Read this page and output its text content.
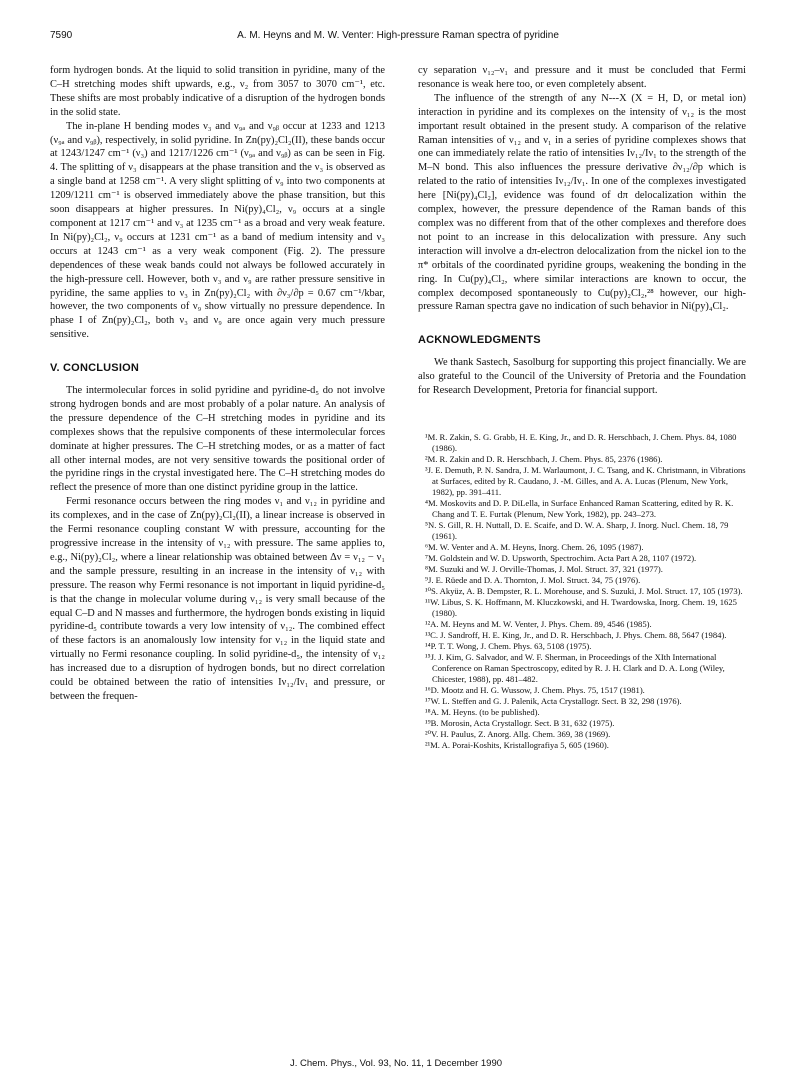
7590	A. M. Heyns and M. W. Venter: High-pressure Raman spectra of pyridine

form hydrogen bonds. At the liquid to solid transition in pyridine, many of the C–H stretching modes shift upwards, e.g., ν₂ from 3057 to 3070 cm⁻¹, etc. These shifts are most probably indicative of a disruption of the hydrogen bonds in the solid state.

The in-plane H bending modes ν₃ and ν₉ₐ and ν₉ᵦ occur at 1233 and 1213 (ν₉ₐ and ν₉ᵦ), respectively, in solid pyridine. In Zn(py)₂Cl₂(II), these bands occur at 1243/1247 cm⁻¹ (ν₃) and 1217/1226 cm⁻¹ (ν₉ₐ and ν₉ᵦ) as can be seen in Fig. 4. The splitting of ν₃ disappears at the phase transition and the ν₃ is observed as a single band at 1258 cm⁻¹. A very slight splitting of ν₉ into two components at 1209/1211 cm⁻¹ is observed immediately above the phase transition, but this soon disappears at higher pressures. In Ni(py)₄Cl₂, ν₉ occurs at a single component at 1217 cm⁻¹ and ν₃ at 1235 cm⁻¹ as a broad and very weak feature. In Ni(py)₂Cl₂, ν₉ occurs at 1231 cm⁻¹ as a band of medium intensity and ν₃ occurs at 1243 cm⁻¹ as a very weak component (Fig. 2). The pressure dependences of these weak bands could not always be followed accurately in the high-pressure cell. However, both ν₃ and ν₉ are rather pressure sensitive in pyridine, the same applies to ν₃ in Zn(py)₂Cl₂ with ∂ν₃/∂p = 0.67 cm⁻¹/kbar, however, the two components of ν₉ show virtually no pressure dependence. In phase I of Zn(py)₂Cl₂, both ν₃ and ν₉ are once again very much pressure sensitive.

V. CONCLUSION

The intermolecular forces in solid pyridine and pyridine-d₅ do not involve strong hydrogen bonds and are most probably of a polar nature. An analysis of the pressure dependence of the C–H stretching modes in pyridine and its complexes shows that the repulsive components of these intermolecular forces dominate at higher pressures. The C–H stretching modes, or as a matter of fact all other internal modes, are not very sensitive towards the positional order of the pyridine rings in the crystal investigated here. The C–H stretching modes do reflect the presence of more than one distinct pyridine group in the lattice.

Fermi resonance occurs between the ring modes ν₁ and ν₁₂ in pyridine and its complexes, and in the case of Zn(py)₂Cl₂(II), a linear increase is observed in the Fermi resonance coupling constant W with pressure, accounting for the progressive increase in the intensity of ν₁₂ with pressure. The same applies to, e.g., Ni(py)₂Cl₂, where a linear relationship was obtained between Δν = ν₁₂ − ν₁ and the sample pressure, resulting in an increase in the intensity of ν₁₂ with pressure. The reason why Fermi resonance is not important in liquid pyridine-d₅ is that the change in molecular volume during ν₁₂ is very small because of the equal C–D and N masses and furthermore, the hydrogen bonds existing in liquid pyridine-d₅ contribute towards a very low intensity of ν₁₂. The combined effect of these factors is an anomalously low intensity for ν₁₂ in the liquid state and virtually no Fermi resonance coupling. In solid pyridine-d₅, the intensity of ν₁₂ has increased due to a disruption of hydrogen bonds, but no direct correlation could be obtained between the ratio of intensities Iν₁₂/Iν₁ and pressure, or between the frequen-

cy separation ν₁₂–ν₁ and pressure and it must be concluded that Fermi resonance is weak here too, or even completely absent.

The influence of the strength of any N---X (X = H, D, or metal ion) interaction in pyridine and its complexes on the intensity of ν₁₂ is the most important result obtained in the present study. A comparison of the relative Raman intensities of ν₁₂ and ν₁ in a series of pyridine complexes shows that one can immediately relate the ratio of intensities Iν₁₂/Iν₁ to the strength of the M–N bond. This also influences the pressure derivative ∂ν₁₂/∂p which is related to the ratio of intensities Iν₁₂/Iν₁. In one of the complexes investigated here [Ni(py)₄Cl₂], evidence was found of dπ delocalization within the complex, however, the pressure dependence of the Raman bands of this complex was no different from that of the other complexes and therefore does not point to an increase in this delocalization with pressure. Any such interaction will involve a dπ-electron delocalization from the nickel ion to the π* orbitals of the coordinated pyridine groups, weakening the bonding in the ring. In Cu(py)₄Cl₂, where similar interactions are known to occur, the complex decomposed spontaneously to Cu(py)₂Cl₂,²⁸ however, our high-pressure Raman spectra gave no indication of such behavior in Ni(py)₄Cl₂.

ACKNOWLEDGMENTS

We thank Sastech, Sasolburg for supporting this project financially. We are also grateful to the Council of the University of Pretoria and the Foundation for Research Development, Pretoria for financial support.

¹M. R. Zakin, S. G. Grabb, H. E. King, Jr., and D. R. Herschbach, J. Chem. Phys. 84, 1080 (1986).

²M. R. Zakin and D. R. Herschbach, J. Chem. Phys. 85, 2376 (1986).

³J. E. Demuth, P. N. Sandra, J. M. Warlaumont, J. C. Tsang, and K. Christmann, in Vibrations at Surfaces, edited by R. Caudano, J. -M. Gilles, and A. A. Lucas (Plenum, New York, 1982), pp. 391–411.

⁴M. Moskovits and D. P. DiLella, in Surface Enhanced Raman Scattering, edited by R. K. Chang and T. E. Furtak (Plenum, New York, 1982), pp. 243–273.

⁵N. S. Gill, R. H. Nuttall, D. E. Scaife, and D. W. A. Sharp, J. Inorg. Nucl. Chem. 18, 79 (1961).

⁶M. W. Venter and A. M. Heyns, Inorg. Chem. 26, 1095 (1987).

⁷M. Goldstein and W. D. Upsworth, Spectrochim. Acta Part A 28, 1107 (1972).

⁸M. Suzuki and W. J. Orville-Thomas, J. Mol. Struct. 37, 321 (1977).

⁹J. E. Rüede and D. A. Thornton, J. Mol. Struct. 34, 75 (1976).

¹⁰S. Akyüz, A. B. Dempster, R. L. Morehouse, and S. Suzuki, J. Mol. Struct. 17, 105 (1973).

¹¹W. Libus, S. K. Hoffmann, M. Kluczkowski, and H. Twardowska, Inorg. Chem. 19, 1625 (1980).

¹²A. M. Heyns and M. W. Venter, J. Phys. Chem. 89, 4546 (1985).

¹³C. J. Sandroff, H. E. King, Jr., and D. R. Herschbach, J. Phys. Chem. 88, 5647 (1984).

¹⁴P. T. T. Wong, J. Chem. Phys. 63, 5108 (1975).

¹⁵J. J. Kim, G. Salvador, and W. F. Sherman, in Proceedings of the XIth International Conference on Raman Spectroscopy, edited by R. J. H. Clark and D. A. Long (Wiley, Chicester, 1988), pp. 481–482.

¹⁶D. Mootz and H. G. Wussow, J. Chem. Phys. 75, 1517 (1981).

¹⁷W. L. Steffen and G. J. Palenik, Acta Crystallogr. Sect. B 32, 298 (1976).

¹⁸A. M. Heyns. (to be published).

¹⁹B. Morosin, Acta Crystallogr. Sect. B 31, 632 (1975).

²⁰V. H. Paulus, Z. Anorg. Allg. Chem. 369, 38 (1969).

²¹M. A. Porai-Koshits, Kristallografiya 5, 605 (1960).

J. Chem. Phys., Vol. 93, No. 11, 1 December 1990
